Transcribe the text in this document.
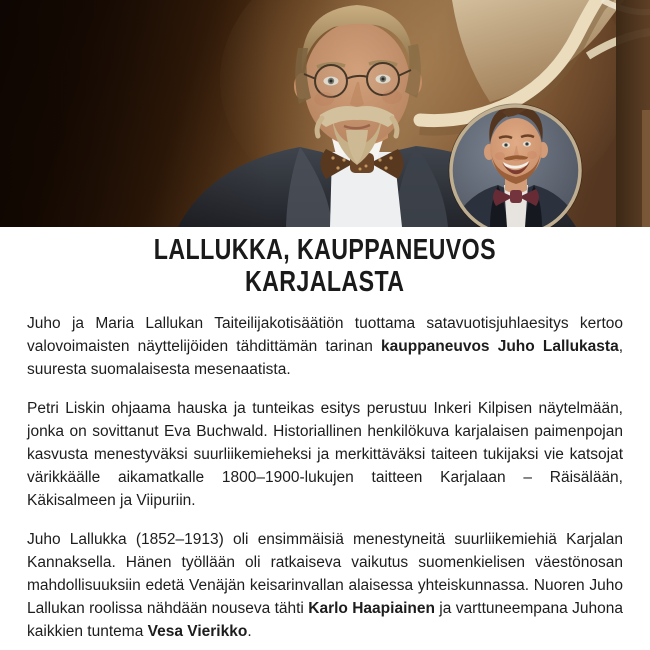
LALLUKKA, KAUPPANEUVOS
KARJALASTA

Juho ja Maria Lallukan Taiteilijakotisäätiön tuottama satavuotisjuhlaesitys kertoo valovoimaisten näyttelijöiden tähdittämän tarinan kauppaneuvos Juho Lallukasta, suuresta suomalaisesta mesenaatista.

Petri Liskin ohjaama hauska ja tunteikas esitys perustuu Inkeri Kilpisen näytelmään, jonka on sovittanut Eva Buchwald. Historiallinen henkilökuva karjalaisen paimenpojan kasvusta menestyväksi suurliikemieheksi ja merkittäväksi taiteen tukijaksi vie katsojat värikkäälle aikamatkalle 1800–1900-lukujen taitteen Karjalaan – Räisälään, Käkisalmeen ja Viipuriin.

Juho Lallukka (1852–1913) oli ensimmäisiä menestyneitä suurliikemiehiä Karjalan Kannaksella. Hänen työllään oli ratkaiseva vaikutus suomenkielisen väestönosan mahdollisuuksiin edetä Venäjän keisarinvallan alaisessa yhteiskunnassa. Nuoren Juho Lallukan roolissa nähdään nouseva tähti Karlo Haapiainen ja varttuneempana Juhona kaikkien tuntema Vesa Vierikko.
